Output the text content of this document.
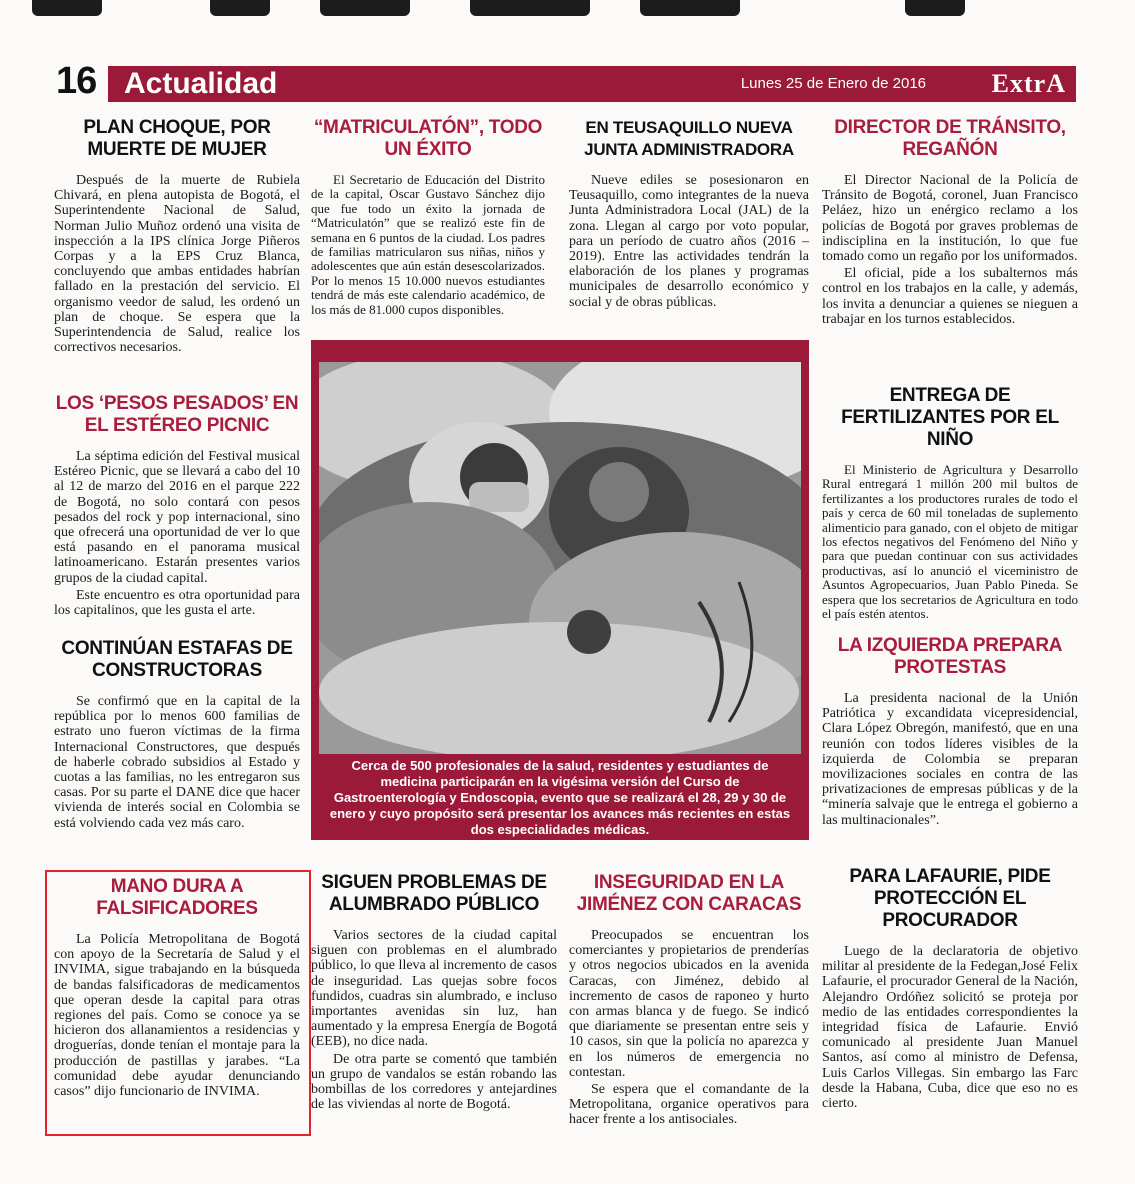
16 Actualidad	Lunes 25 de Enero de 2016	ExtrA
PLAN CHOQUE, POR MUERTE DE MUJER

Después de la muerte de Rubiela Chivará, en plena autopista de Bogotá, el Superintendente Nacional de Salud, Norman Julio Muñoz ordenó una visita de inspección a la IPS clínica Jorge Piñeros Corpas y a la EPS Cruz Blanca, concluyendo que ambas entidades habrían fallado en la prestación del servicio. El organismo veedor de salud, les ordenó un plan de choque. Se espera que la Superintendencia de Salud, realice los correctivos necesarios.

LOS ‘PESOS PESADOS’ EN EL ESTÉREO PICNIC

La séptima edición del Festival musical Estéreo Picnic, que se llevará a cabo del 10 al 12 de marzo del 2016 en el parque 222 de Bogotá, no solo contará con pesos pesados del rock y pop internacional, sino que ofrecerá una oportunidad de ver lo que está pasando en el panorama musical latinoamericano. Estarán presentes varios grupos de la ciudad capital.

Este encuentro es otra oportunidad para los capitalinos, que les gusta el arte.

CONTINÚAN ESTAFAS DE CONSTRUCTORAS

Se confirmó que en la capital de la república por lo menos 600 familias de estrato uno fueron víctimas de la firma Internacional Constructores, que después de haberle cobrado subsidios al Estado y cuotas a las familias, no les entregaron sus casas. Por su parte el DANE dice que hacer vivienda de interés social en Colombia se está volviendo cada vez más caro.

MANO DURA A FALSIFICADORES

La Policía Metropolitana de Bogotá con apoyo de la Secretaría de Salud y el INVIMA, sigue trabajando en la búsqueda de bandas falsificadoras de medicamentos que operan desde la capital para otras regiones del país. Como se conoce ya se hicieron dos allanamientos a residencias y droguerías, donde tenían el montaje para la producción de pastillas y jarabes. “La comunidad debe ayudar denunciando casos” dijo funcionario de INVIMA.

“MATRICULATÓN”, TODO UN ÉXITO

El Secretario de Educación del Distrito de la capital, Oscar Gustavo Sánchez dijo que fue todo un éxito la jornada de “Matriculatón” que se realizó este fin de semana en 6 puntos de la ciudad. Los padres de familias matricularon sus niñas, niños y adolescentes que aún están desescolarizados. Por lo menos 15 10.000 nuevos estudiantes tendrá de más este calendario académico, de los más de 81.000 cupos disponibles.

SIGUEN PROBLEMAS DE ALUMBRADO PÚBLICO

Varios sectores de la ciudad capital siguen con problemas en el alumbrado público, lo que lleva al incremento de casos de inseguridad. Las quejas sobre focos fundidos, cuadras sin alumbrado, e incluso importantes avenidas sin luz, han aumentado y la empresa Energía de Bogotá (EEB), no dice nada.

De otra parte se comentó que también un grupo de vandalos se están robando las bombillas de los corredores y antejardines de las viviendas al norte de Bogotá.

EN TEUSAQUILLO NUEVA JUNTA ADMINISTRADORA

Nueve ediles se posesionaron en Teusaquillo, como integrantes de la nueva Junta Administradora Local (JAL) de la zona. Llegan al cargo por voto popular, para un período de cuatro años (2016 – 2019). Entre las actividades tendrán la elaboración de los planes y programas municipales de desarrollo económico y social y de obras públicas.

INSEGURIDAD EN LA JIMÉNEZ CON CARACAS

Preocupados se encuentran los comerciantes y propietarios de prenderías y otros negocios ubicados en la avenida Caracas, con Jiménez, debido al incremento de casos de raponeo y hurto con armas blanca y de fuego. Se indicó que diariamente se presentan entre seis y 10 casos, sin que la policía no aparezca y en los números de emergencia no contestan.

Se espera que el comandante de la Metropolitana, organice operativos para hacer frente a los antisociales.

DIRECTOR DE TRÁNSITO, REGAÑÓN

El Director Nacional de la Policía de Tránsito de Bogotá, coronel, Juan Francisco Peláez, hizo un enérgico reclamo a los policías de Bogotá por graves problemas de indisciplina en la institución, lo que fue tomado como un regaño por los uniformados.

El oficial, pide a los subalternos más control en los trabajos en la calle, y además, los invita a denunciar a quienes se nieguen a trabajar en los turnos establecidos.

ENTREGA DE FERTILIZANTES POR EL NIÑO

El Ministerio de Agricultura y Desarrollo Rural entregará 1 millón 200 mil bultos de fertilizantes a los productores rurales de todo el país y cerca de 60 mil toneladas de suplemento alimenticio para ganado, con el objeto de mitigar los efectos negativos del Fenómeno del Niño y para que puedan continuar con sus actividades productivas, así lo anunció el viceministro de Asuntos Agropecuarios, Juan Pablo Pineda. Se espera que los secretarios de Agricultura en todo el país estén atentos.

LA IZQUIERDA PREPARA PROTESTAS

La presidenta nacional de la Unión Patriótica y excandidata vicepresidencial, Clara López Obregón, manifestó, que en una reunión con todos líderes visibles de la izquierda de Colombia se preparan movilizaciones sociales en contra de las privatizaciones de empresas públicas y de la “minería salvaje que le entrega el gobierno a las multinacionales”.

PARA LAFAURIE, PIDE PROTECCIÓN EL PROCURADOR

Luego de la declaratoria de objetivo militar al presidente de la Fedegan,José Felix Lafaurie, el procurador General de la Nación, Alejandro Ordóñez solicitó se proteja por medio de las entidades correspondientes la integridad física de Lafaurie. Envió comunicado al presidente Juan Manuel Santos, así como al ministro de Defensa, Luis Carlos Villegas. Sin embargo las Farc desde la Habana, Cuba, dice que eso no es cierto.

Cerca de 500 profesionales de la salud, residentes y estudiantes de medicina participarán en la vigésima versión del Curso de Gastroenterología y Endoscopia, evento que se realizará el 28, 29 y 30 de enero y cuyo propósito será presentar los avances más recientes en estas dos especialidades médicas.
